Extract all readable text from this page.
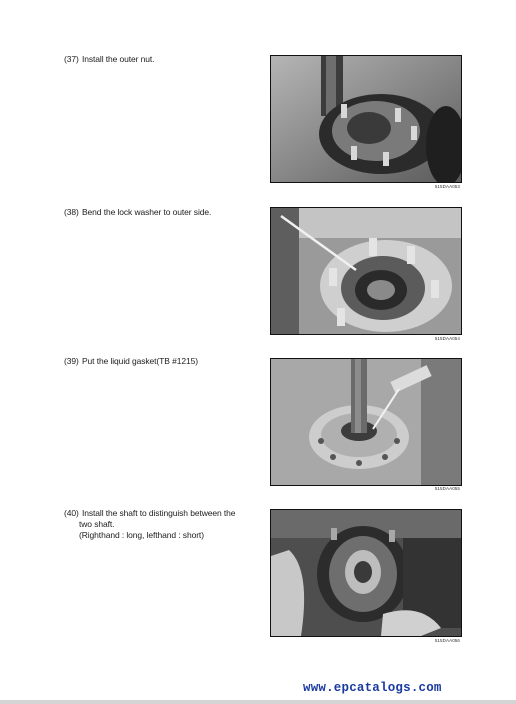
(37) Install the outer nut.
515DAA053
(38) Bend the lock washer to outer side.
515DAA054
(39) Put the liquid gasket(TB #1215)
515DAA055
(40) Install the shaft to distinguish between the
two shaft.
(Righthand : long, lefthand : short)
515DAA056
www.epcatalogs.com
